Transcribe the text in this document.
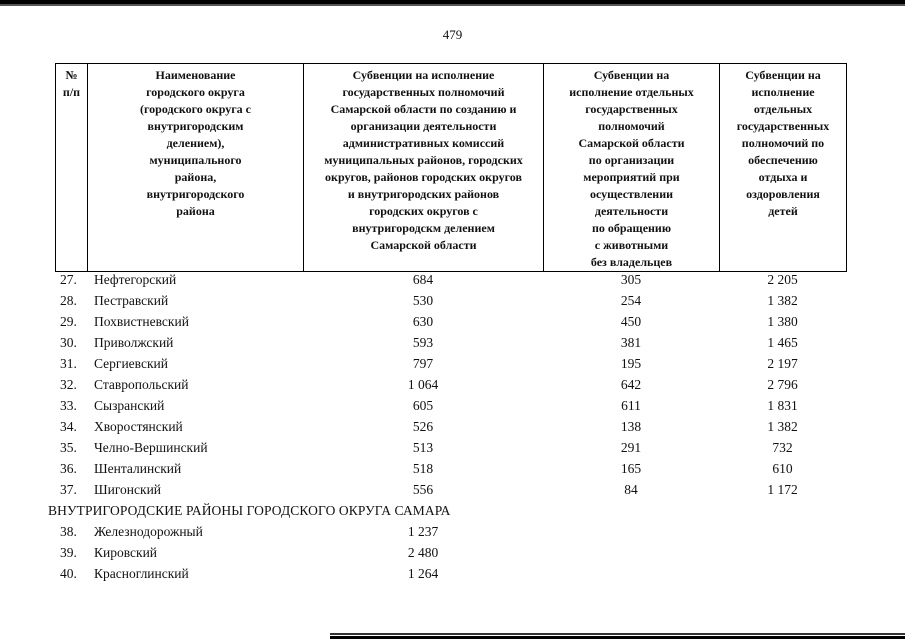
479
№
п/п	Наименование
городского округа
(городского округа с
внутригородским
делением),
муниципального
района,
внутригородского
района	Субвенции на исполнение
государственных полномочий
Самарской области по созданию и
организации деятельности
административных комиссий
муниципальных районов, городских
округов, районов городских округов
и внутригородских районов
городских округов с
внутригородскм делением
Самарской области	Субвенции на
исполнение отдельных
государственных
полномочий
Самарской области
по организации
мероприятий при
осуществлении
деятельности
по обращению
с животными
без владельцев	Субвенции на
исполнение
отдельных
государственных
полномочий по
обеспечению
отдыха и
оздоровления
детей
27. Нефтегорский	684	305	2 205
28. Пестравский	530	254	1 382
29. Похвистневский	630	450	1 380
30. Приволжский	593	381	1 465
31. Сергиевский	797	195	2 197
32. Ставропольский	1 064	642	2 796
33. Сызранский	605	611	1 831
34. Хворостянский	526	138	1 382
35. Челно-Вершинский	513	291	732
36. Шенталинский	518	165	610
37. Шигонский	556	84	1 172
ВНУТРИГОРОДСКИЕ РАЙОНЫ ГОРОДСКОГО ОКРУГА САМАРА
38. Железнодорожный	1 237
39. Кировский	2 480
40. Красноглинский	1 264
